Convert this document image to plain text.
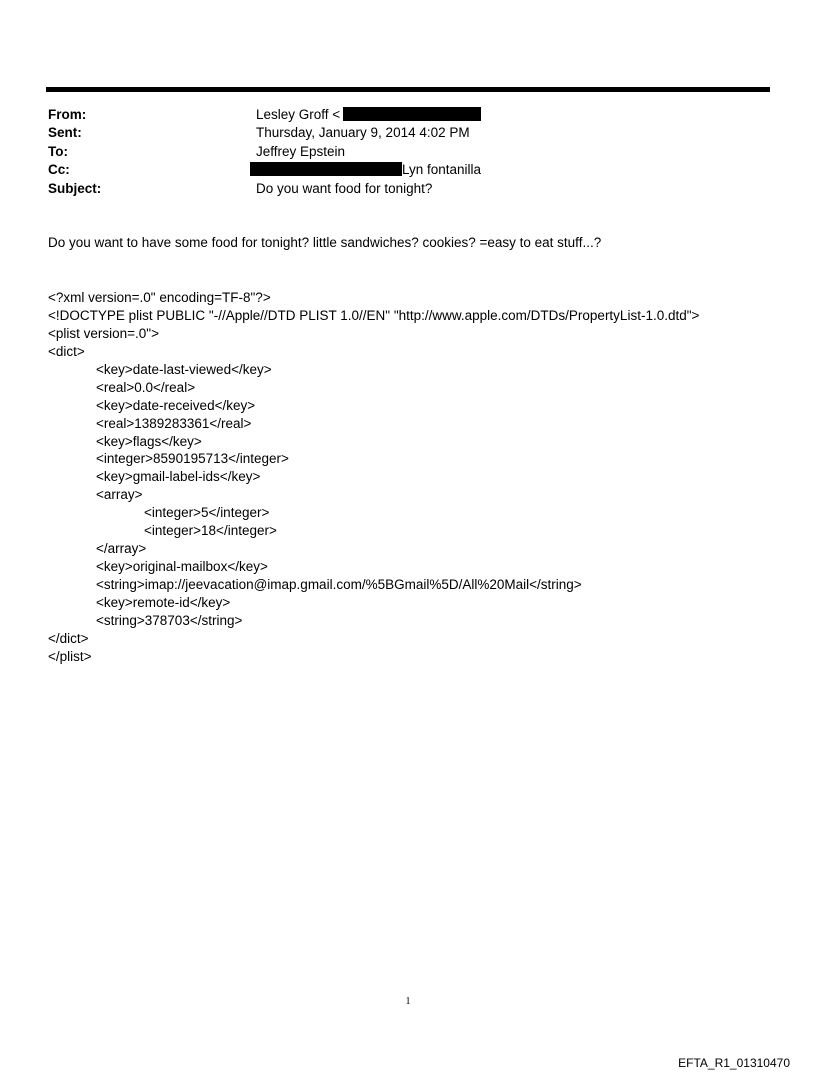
From:	Lesley Groff <
Sent:	Thursday, January 9, 2014 4:02 PM
To:	Jeffrey Epstein
Cc:	Lyn fontanilla
Subject:	Do you want food for tonight?
Do you want to have some food for tonight? little sandwiches? cookies? =easy to eat stuff...?
<?xml version=.0" encoding=TF-8"?>
<!DOCTYPE plist PUBLIC "-//Apple//DTD PLIST 1.0//EN" "http://www.apple.com/DTDs/PropertyList-1.0.dtd">
<plist version=.0">
<dict>
<key>date-last-viewed</key>
<real>0.0</real>
<key>date-received</key>
<real>1389283361</real>
<key>flags</key>
<integer>8590195713</integer>
<key>gmail-label-ids</key>
<array>
<integer>5</integer>
<integer>18</integer>
</array>
<key>original-mailbox</key>
<string>imap://jeevacation@imap.gmail.com/%5BGmail%5D/All%20Mail</string>
<key>remote-id</key>
<string>378703</string>
</dict>
</plist>
1
EFTA_R1_01310470
